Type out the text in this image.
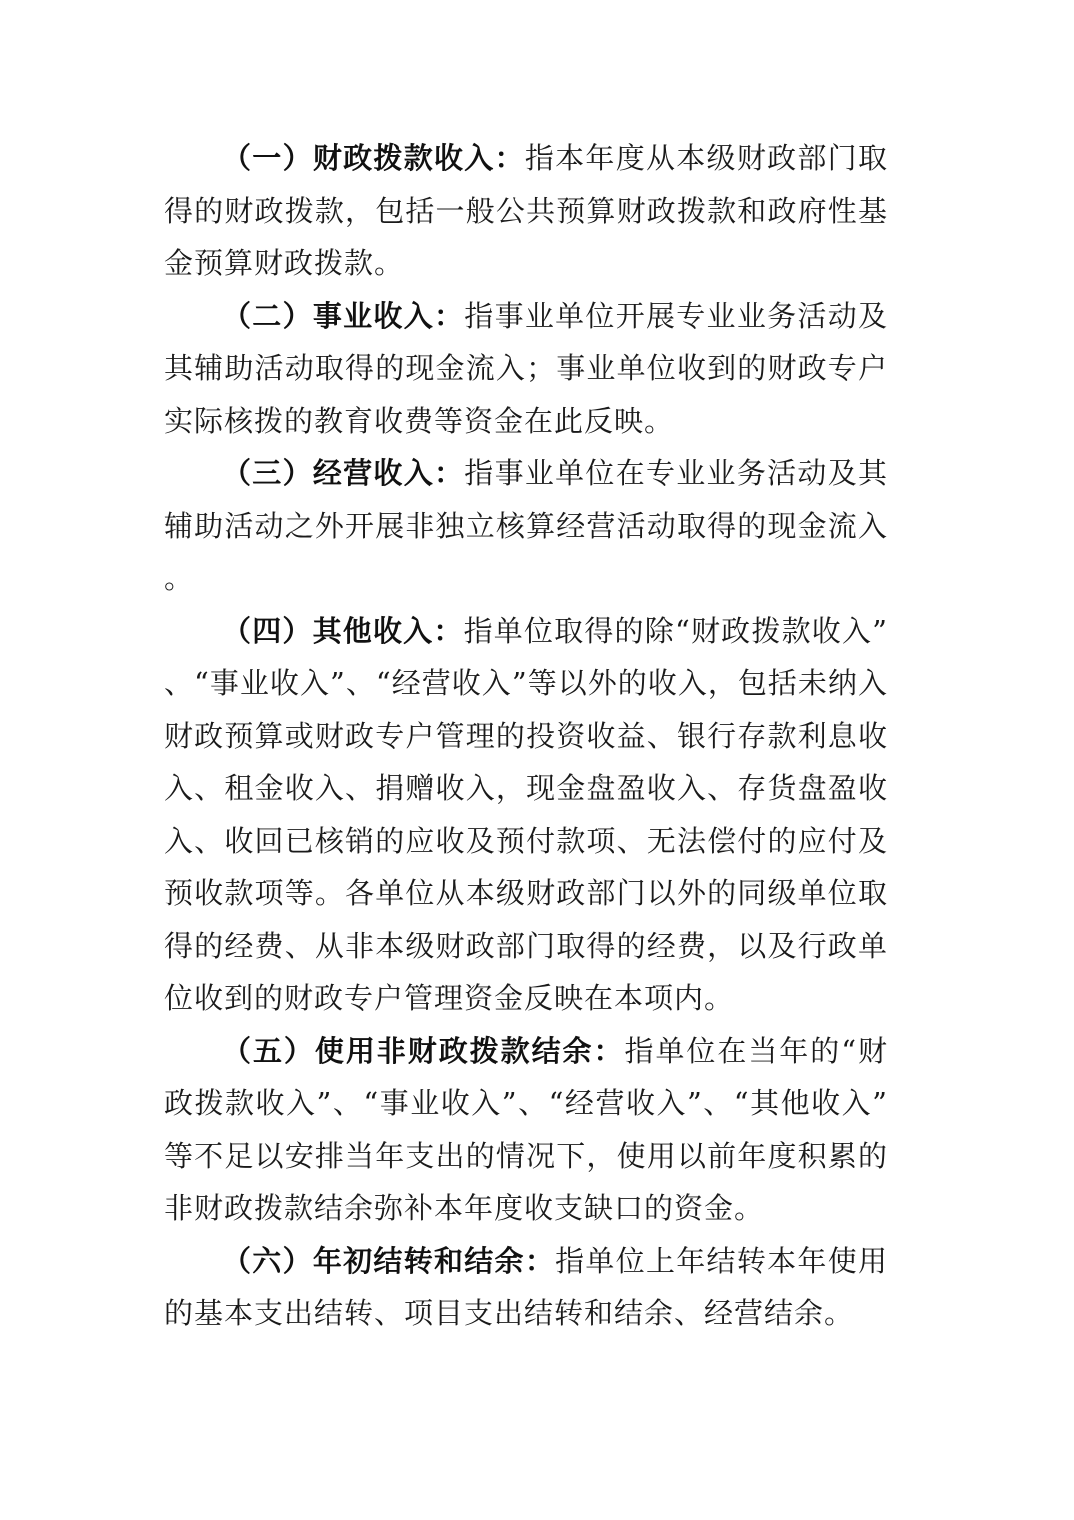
（一）财政拨款收入：指本年度从本级财政部门取得的财政拨款，包括一般公共预算财政拨款和政府性基金预算财政拨款。

（二）事业收入：指事业单位开展专业业务活动及其辅助活动取得的现金流入；事业单位收到的财政专户实际核拨的教育收费等资金在此反映。

（三）经营收入：指事业单位在专业业务活动及其辅助活动之外开展非独立核算经营活动取得的现金流入。

（四）其他收入：指单位取得的除“财政拨款收入”、“事业收入”、“经营收入”等以外的收入，包括未纳入财政预算或财政专户管理的投资收益、银行存款利息收入、租金收入、捐赠收入，现金盘盈收入、存货盘盈收入、收回已核销的应收及预付款项、无法偿付的应付及预收款项等。各单位从本级财政部门以外的同级单位取得的经费、从非本级财政部门取得的经费，以及行政单位收到的财政专户管理资金反映在本项内。

（五）使用非财政拨款结余：指单位在当年的“财政拨款收入”、“事业收入”、“经营收入”、“其他收入”等不足以安排当年支出的情况下，使用以前年度积累的非财政拨款结余弥补本年度收支缺口的资金。

（六）年初结转和结余：指单位上年结转本年使用的基本支出结转、项目支出结转和结余、经营结余。
